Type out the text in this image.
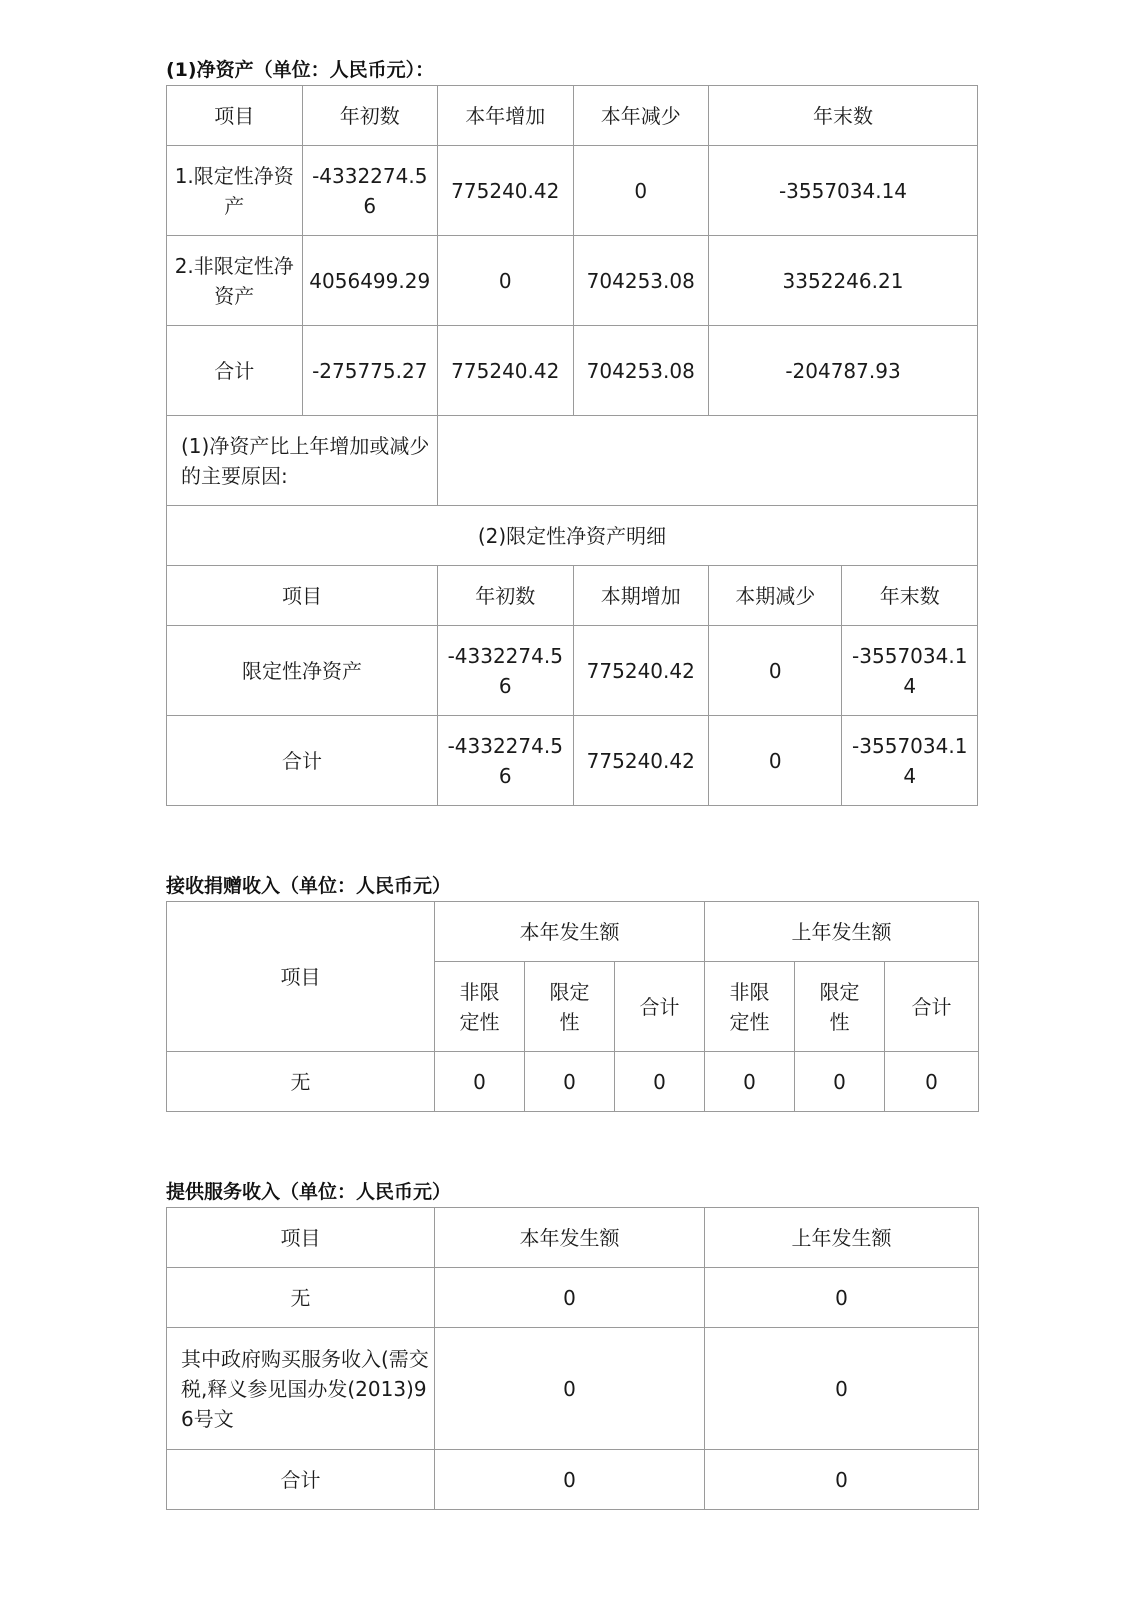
(1)净资产（单位：人民币元）：
项目	年初数	本年增加	本年减少	年末数	
1.限定性净资产	-4332274.56	775240.42	0	-3557034.14	
2.非限定性净资产	4056499.29	0	704253.08	3352246.21	
合计	-275775.27	775240.42	704253.08	-204787.93	
(1)净资产比上年增加或减少的主要原因:					
(2)限定性净资产明细					
项目		年初数	本期增加	本期减少	年末数
限定性净资产		-4332274.56	775240.42	0	-3557034.14
合计		-4332274.56	775240.42	0	-3557034.14
接收捐赠收入（单位：人民币元）
项目	本年发生额			上年发生额		
	非限定性	限定性	合计	非限定性	限定性	合计
无	0	0	0	0	0	0
提供服务收入（单位：人民币元）
项目	本年发生额	上年发生额
无	0	0
其中政府购买服务收入(需交税,释义参见国办发(2013)96号文	0	0
合计	0	0
